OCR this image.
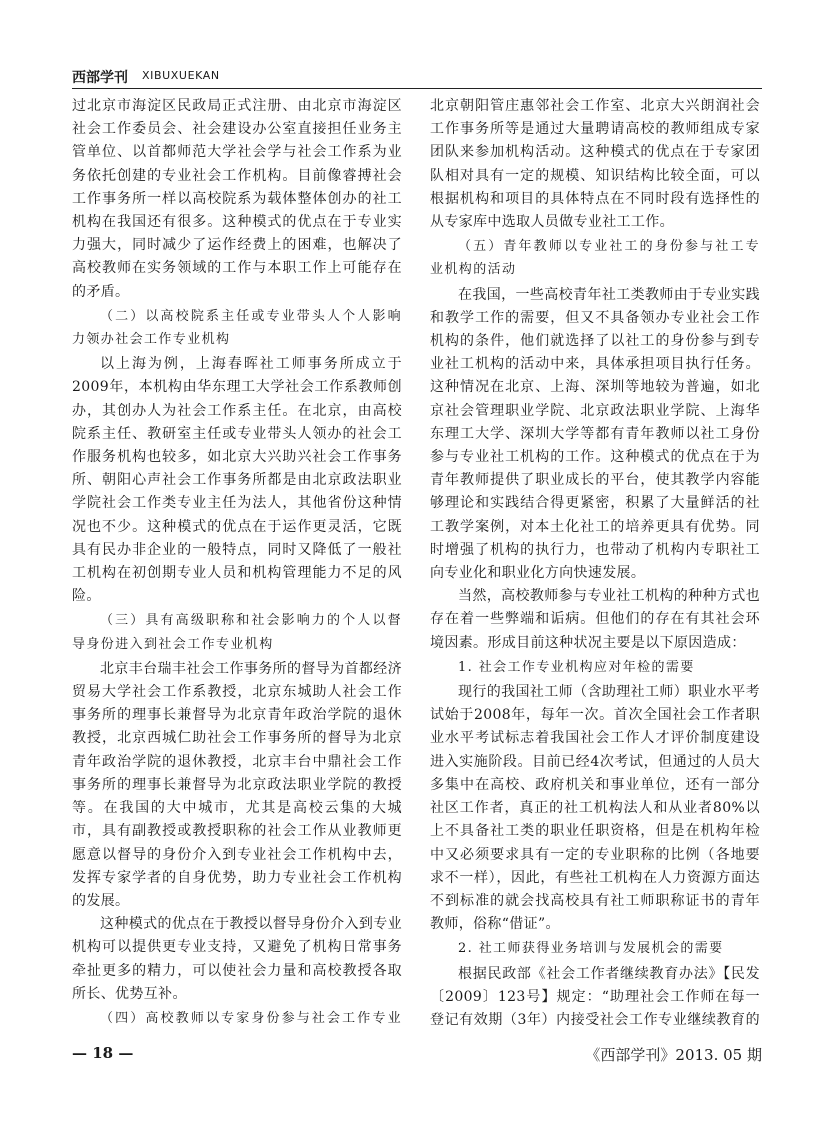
西部学刊 XIBUXUEKAN

过北京市海淀区民政局正式注册、由北京市海淀区社会工作委员会、社会建设办公室直接担任业务主管单位、以首都师范大学社会学与社会工作系为业务依托创建的专业社会工作机构。目前像睿搏社会工作事务所一样以高校院系为载体整体创办的社工机构在我国还有很多。这种模式的优点在于专业实力强大，同时减少了运作经费上的困难，也解决了高校教师在实务领域的工作与本职工作上可能存在的矛盾。

（二）以高校院系主任或专业带头人个人影响力领办社会工作专业机构

以上海为例，上海春晖社工师事务所成立于2009年，本机构由华东理工大学社会工作系教师创办，其创办人为社会工作系主任。在北京，由高校院系主任、教研室主任或专业带头人领办的社会工作服务机构也较多，如北京大兴助兴社会工作事务所、朝阳心声社会工作事务所都是由北京政法职业学院社会工作类专业主任为法人，其他省份这种情况也不少。这种模式的优点在于运作更灵活，它既具有民办非企业的一般特点，同时又降低了一般社工机构在初创期专业人员和机构管理能力不足的风险。

（三）具有高级职称和社会影响力的个人以督导身份进入到社会工作专业机构

北京丰台瑞丰社会工作事务所的督导为首都经济贸易大学社会工作系教授，北京东城助人社会工作事务所的理事长兼督导为北京青年政治学院的退休教授，北京西城仁助社会工作事务所的督导为北京青年政治学院的退休教授，北京丰台中鼎社会工作事务所的理事长兼督导为北京政法职业学院的教授等。在我国的大中城市，尤其是高校云集的大城市，具有副教授或教授职称的社会工作从业教师更愿意以督导的身份介入到专业社会工作机构中去，发挥专家学者的自身优势，助力专业社会工作机构的发展。

这种模式的优点在于教授以督导身份介入到专业机构可以提供更专业支持，又避免了机构日常事务牵扯更多的精力，可以使社会力量和高校教授各取所长、优势互补。

（四）高校教师以专家身份参与社会工作专业

北京朝阳管庄惠邻社会工作室、北京大兴朗润社会工作事务所等是通过大量聘请高校的教师组成专家团队来参加机构活动。这种模式的优点在于专家团队相对具有一定的规模、知识结构比较全面，可以根据机构和项目的具体特点在不同时段有选择性的从专家库中选取人员做专业社工工作。

（五）青年教师以专业社工的身份参与社工专业机构的活动

在我国，一些高校青年社工类教师由于专业实践和教学工作的需要，但又不具备领办专业社会工作机构的条件，他们就选择了以社工的身份参与到专业社工机构的活动中来，具体承担项目执行任务。这种情况在北京、上海、深圳等地较为普遍，如北京社会管理职业学院、北京政法职业学院、上海华东理工大学、深圳大学等都有青年教师以社工身份参与专业社工机构的工作。这种模式的优点在于为青年教师提供了职业成长的平台，使其教学内容能够理论和实践结合得更紧密，积累了大量鲜活的社工教学案例，对本土化社工的培养更具有优势。同时增强了机构的执行力，也带动了机构内专职社工向专业化和职业化方向快速发展。

当然，高校教师参与专业社工机构的种种方式也存在着一些弊端和诟病。但他们的存在有其社会环境因素。形成目前这种状况主要是以下原因造成：

1. 社会工作专业机构应对年检的需要

现行的我国社工师（含助理社工师）职业水平考试始于2008年，每年一次。首次全国社会工作者职业水平考试标志着我国社会工作人才评价制度建设进入实施阶段。目前已经4次考试，但通过的人员大多集中在高校、政府机关和事业单位，还有一部分社区工作者，真正的社工机构法人和从业者80%以上不具备社工类的职业任职资格，但是在机构年检中又必须要求具有一定的专业职称的比例（各地要求不一样），因此，有些社工机构在人力资源方面达不到标准的就会找高校具有社工师职称证书的青年教师，俗称“借证”。

2. 社工师获得业务培训与发展机会的需要

根据民政部《社会工作者继续教育办法》【民发〔2009〕123号】规定：“助理社会工作师在每一登记有效期（3年）内接受社会工作专业继续教育的

— 18 —	《西部学刊》2013. 05 期
